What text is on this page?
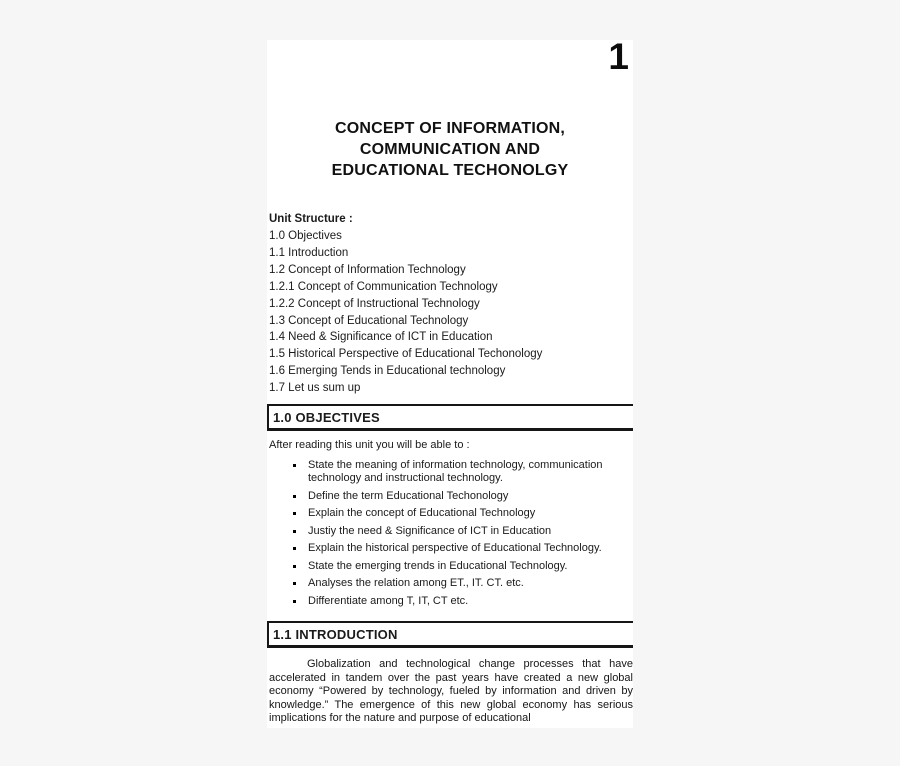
1
CONCEPT OF INFORMATION,
COMMUNICATION AND
EDUCATIONAL TECHONOLGY
Unit Structure :
1.0 Objectives
1.1 Introduction
1.2 Concept of Information Technology
1.2.1 Concept of Communication Technology
1.2.2 Concept of Instructional Technology
1.3 Concept of Educational Technology
1.4 Need & Significance of ICT in Education
1.5 Historical Perspective of Educational Techonology
1.6 Emerging Tends in Educational technology
1.7 Let us sum up
1.0 OBJECTIVES
After reading this unit you will be able to :
State the meaning of information technology, communication technology and instructional technology.
Define the term Educational Techonology
Explain the concept of Educational Technology
Justiy the need & Significance of ICT in Education
Explain the historical perspective of Educational Technology.
State the emerging trends in Educational Technology.
Analyses the relation among ET., IT. CT. etc.
Differentiate among T, IT, CT etc.
1.1 INTRODUCTION
Globalization and technological change processes that have accelerated in tandem over the past years have created a new global economy “Powered by technology, fueled by information and driven by knowledge.” The emergence of this new global economy has serious implications for the nature and purpose of educational
